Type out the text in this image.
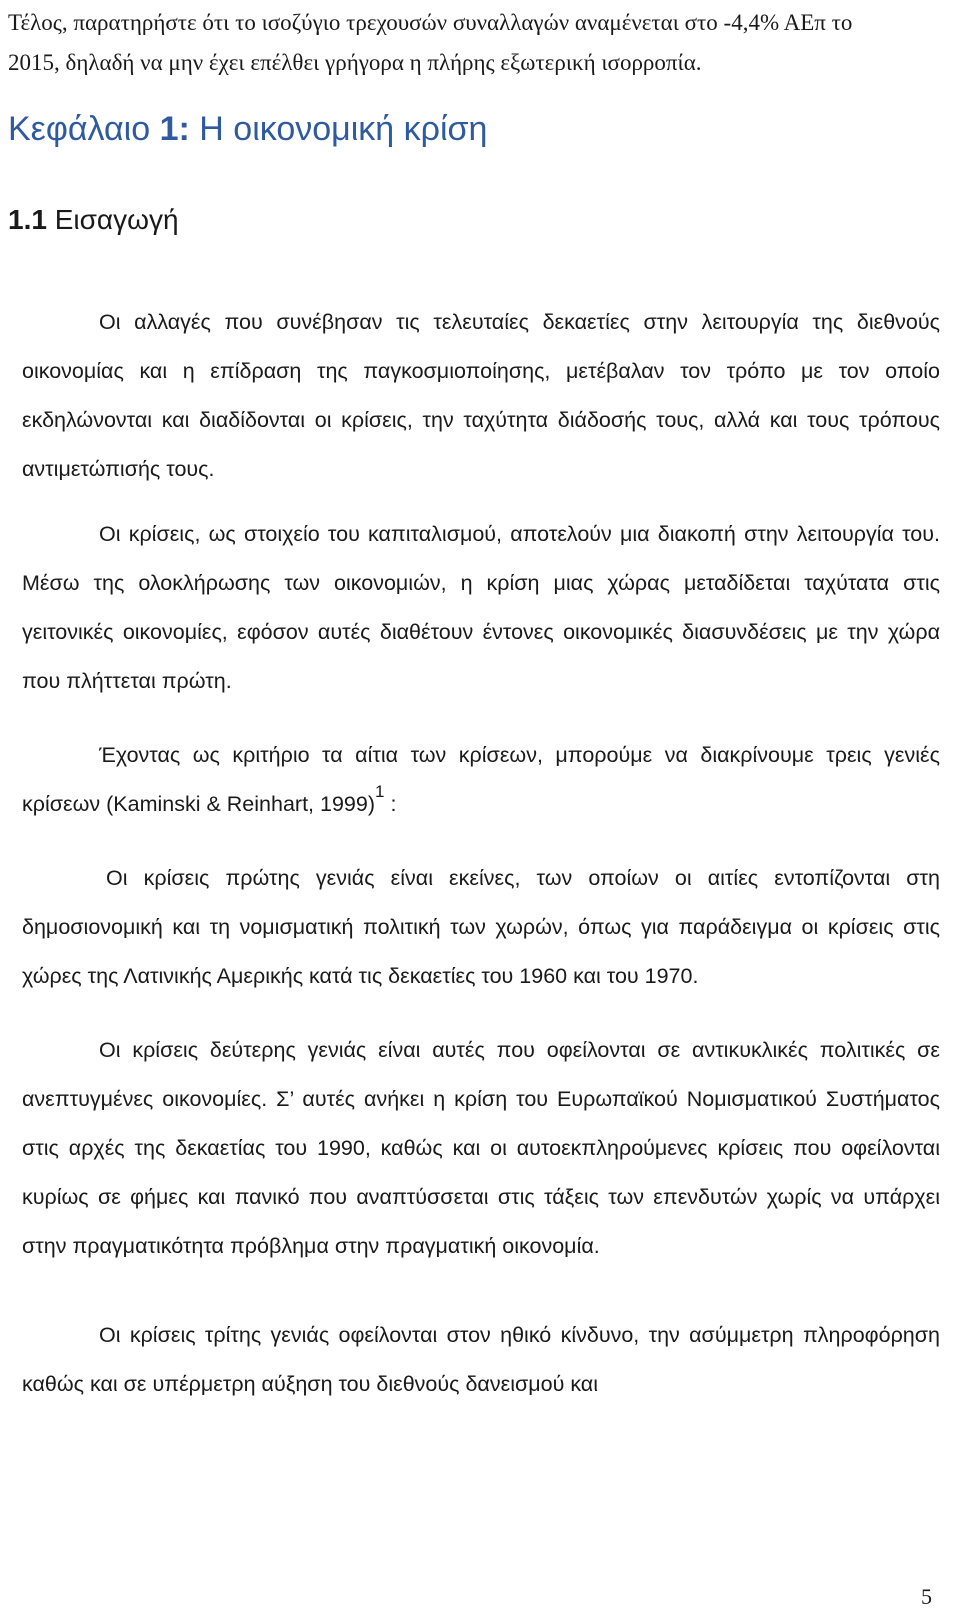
Τέλος, παρατηρήστε ότι το ισοζύγιο τρεχουσών συναλλαγών αναμένεται στο -4,4% ΑΕπ το

2015, δηλαδή να μην έχει επέλθει γρήγορα η πλήρης εξωτερική ισορροπία.

Κεφάλαιο 1: Η οικονομική κρίση
1.1 Εισαγωγή

Οι αλλαγές που συνέβησαν τις τελευταίες δεκαετίες στην λειτουργία της διεθνούς οικονομίας και η επίδραση της παγκοσμιοποίησης, μετέβαλαν τον τρόπο με τον οποίο εκδηλώνονται και διαδίδονται οι κρίσεις, την ταχύτητα διάδοσής τους, αλλά και τους τρόπους αντιμετώπισής τους.

Οι κρίσεις, ως στοιχείο του καπιταλισμού, αποτελούν μια διακοπή στην λειτουργία του. Μέσω της ολοκλήρωσης των οικονομιών, η κρίση μιας χώρας μεταδίδεται ταχύτατα στις γειτονικές οικονομίες, εφόσον αυτές διαθέτουν έντονες οικονομικές διασυνδέσεις με την χώρα που πλήττεται πρώτη.

Έχοντας ως κριτήριο τα αίτια των κρίσεων, μπορούμε να διακρίνουμε τρεις γενιές κρίσεων (Kaminski & Reinhart, 1999)$^1$ :

Οι κρίσεις πρώτης γενιάς είναι εκείνες, των οποίων οι αιτίες εντοπίζονται στη δημοσιονομική και τη νομισματική πολιτική των χωρών, όπως για παράδειγμα οι κρίσεις στις χώρες της Λατινικής Αμερικής κατά τις δεκαετίες του 1960 και του 1970.

Οι κρίσεις δεύτερης γενιάς είναι αυτές που οφείλονται σε αντικυκλικές πολιτικές σε ανεπτυγμένες οικονομίες. Σ’ αυτές ανήκει η κρίση του Ευρωπαϊκού Νομισματικού Συστήματος στις αρχές της δεκαετίας του 1990, καθώς και οι αυτοεκπληρούμενες κρίσεις που οφείλονται κυρίως σε φήμες και πανικό που αναπτύσσεται στις τάξεις των επενδυτών χωρίς να υπάρχει στην πραγματικότητα πρόβλημα στην πραγματική οικονομία.

Οι κρίσεις τρίτης γενιάς οφείλονται στον ηθικό κίνδυνο, την ασύμμετρη πληροφόρηση καθώς και σε υπέρμετρη αύξηση του διεθνούς δανεισμού και

5
